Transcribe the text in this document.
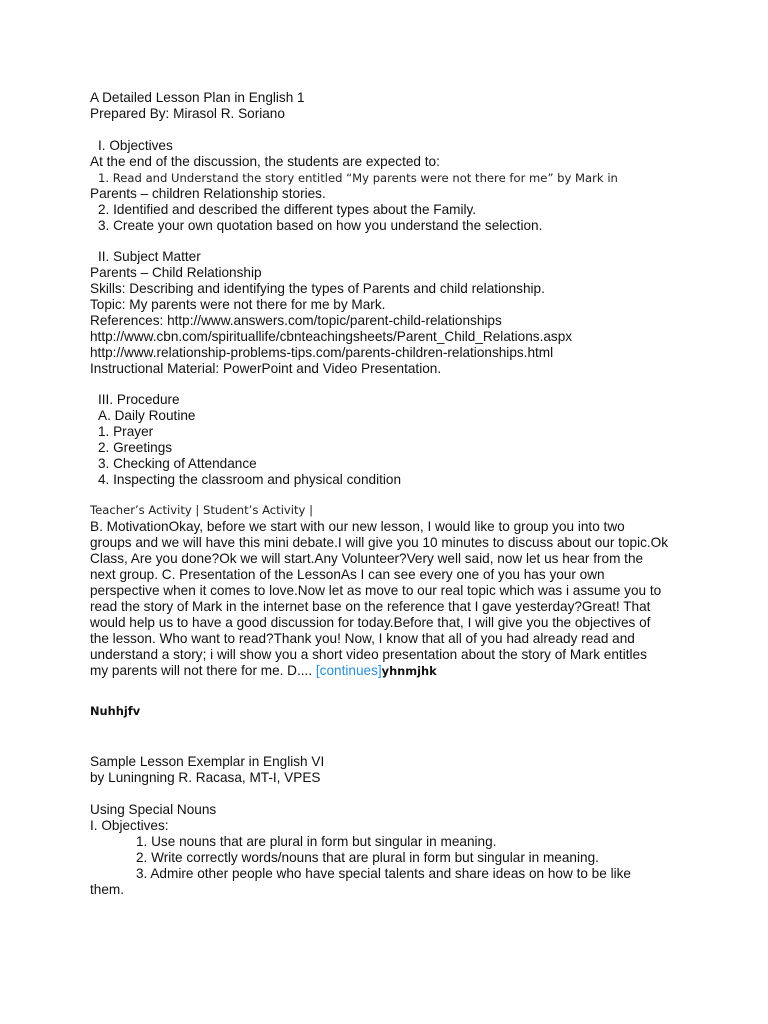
A Detailed Lesson Plan in English 1
Prepared By: Mirasol R. Soriano
I. Objectives
At the end of the discussion, the students are expected to:
1. Read and Understand the story entitled “My parents were not there for me” by Mark in
Parents – children Relationship stories.
2. Identified and described the different types about the Family.
3. Create your own quotation based on how you understand the selection.
II. Subject Matter
Parents – Child Relationship
Skills: Describing and identifying the types of Parents and child relationship.
Topic: My parents were not there for me by Mark.
References: http://www.answers.com/topic/parent-child-relationships
http://www.cbn.com/spirituallife/cbnteachingsheets/Parent_Child_Relations.aspx
http://www.relationship-problems-tips.com/parents-children-relationships.html
Instructional Material: PowerPoint and Video Presentation.
III. Procedure
A. Daily Routine
1. Prayer
2. Greetings
3. Checking of Attendance
4. Inspecting the classroom and physical condition
Teacher’s Activity | Student’s Activity |
B. MotivationOkay, before we start with our new lesson, I would like to group you into two
groups and we will have this mini debate.I will give you 10 minutes to discuss about our topic.Ok
Class, Are you done?Ok we will start.Any Volunteer?Very well said, now let us hear from the
next group. C. Presentation of the LessonAs I can see every one of you has your own
perspective when it comes to love.Now let as move to our real topic which was i assume you to
read the story of Mark in the internet base on the reference that I gave yesterday?Great! That
would help us to have a good discussion for today.Before that, I will give you the objectives of
the lesson. Who want to read?Thank you! Now, I know that all of you had already read and
understand a story; i will show you a short video presentation about the story of Mark entitles
my parents will not there for me. D.... [continues]yhnmjhk
Nuhhjfv
Sample Lesson Exemplar in English VI
by Luningning R. Racasa, MT-I, VPES
Using Special Nouns
I. Objectives:
1. Use nouns that are plural in form but singular in meaning.
2. Write correctly words/nouns that are plural in form but singular in meaning.
3. Admire other people who have special talents and share ideas on how to be like
them.
